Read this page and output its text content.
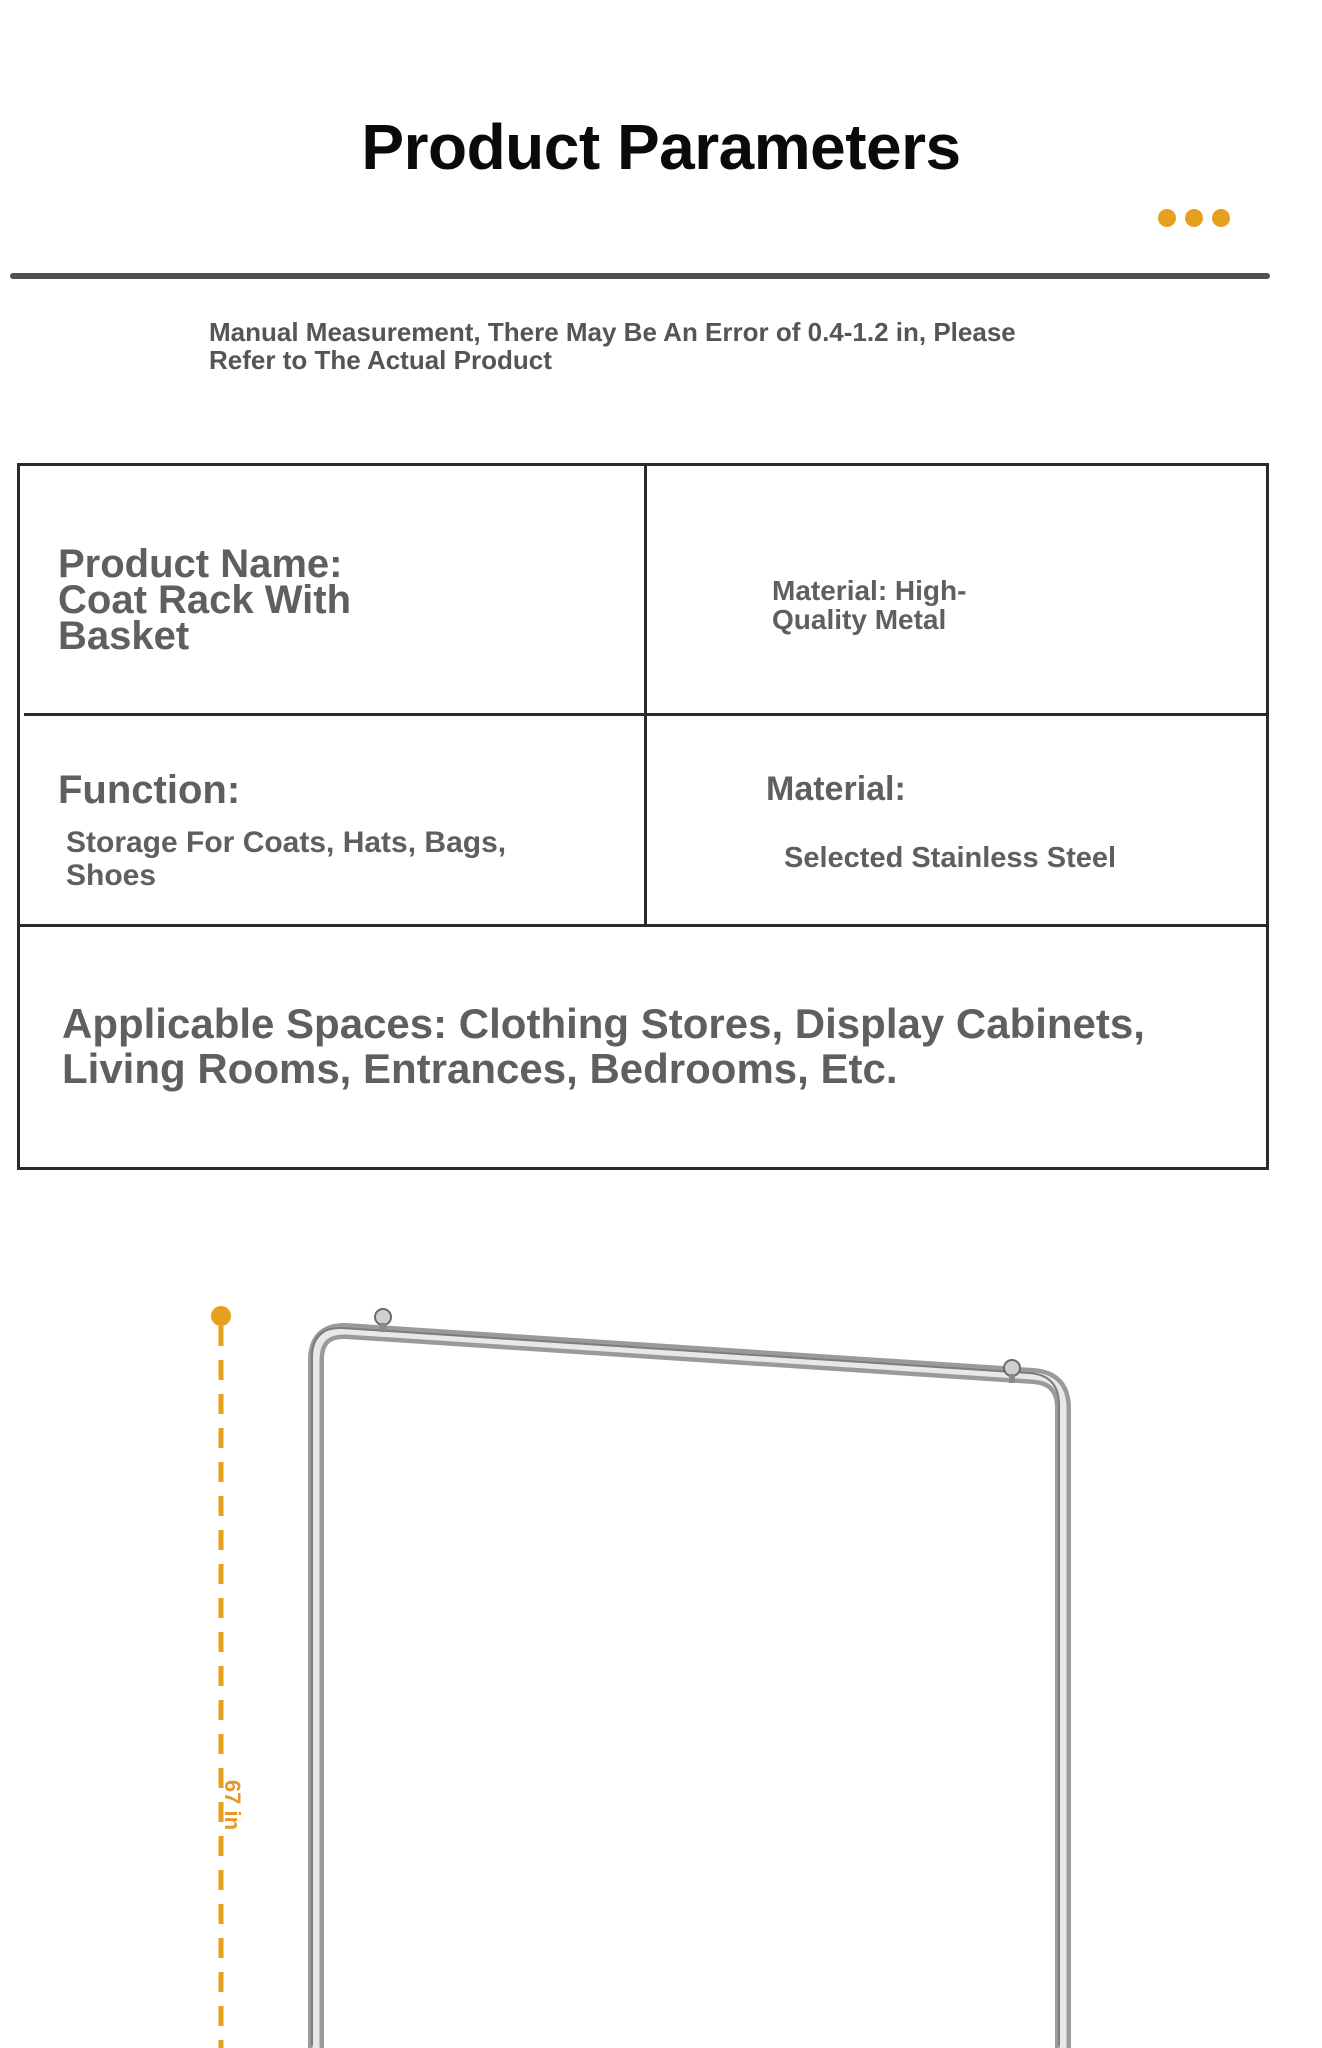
Product Parameters
Manual Measurement, There May Be An Error of 0.4-1.2 in, Please Refer to The Actual Product
Product Name: Coat Rack With Basket
Material: High-Quality Metal
Function:
Storage For Coats, Hats, Bags, Shoes
Material:
Selected Stainless Steel
Applicable Spaces: Clothing Stores, Display Cabinets, Living Rooms, Entrances, Bedrooms, Etc.
67 in
